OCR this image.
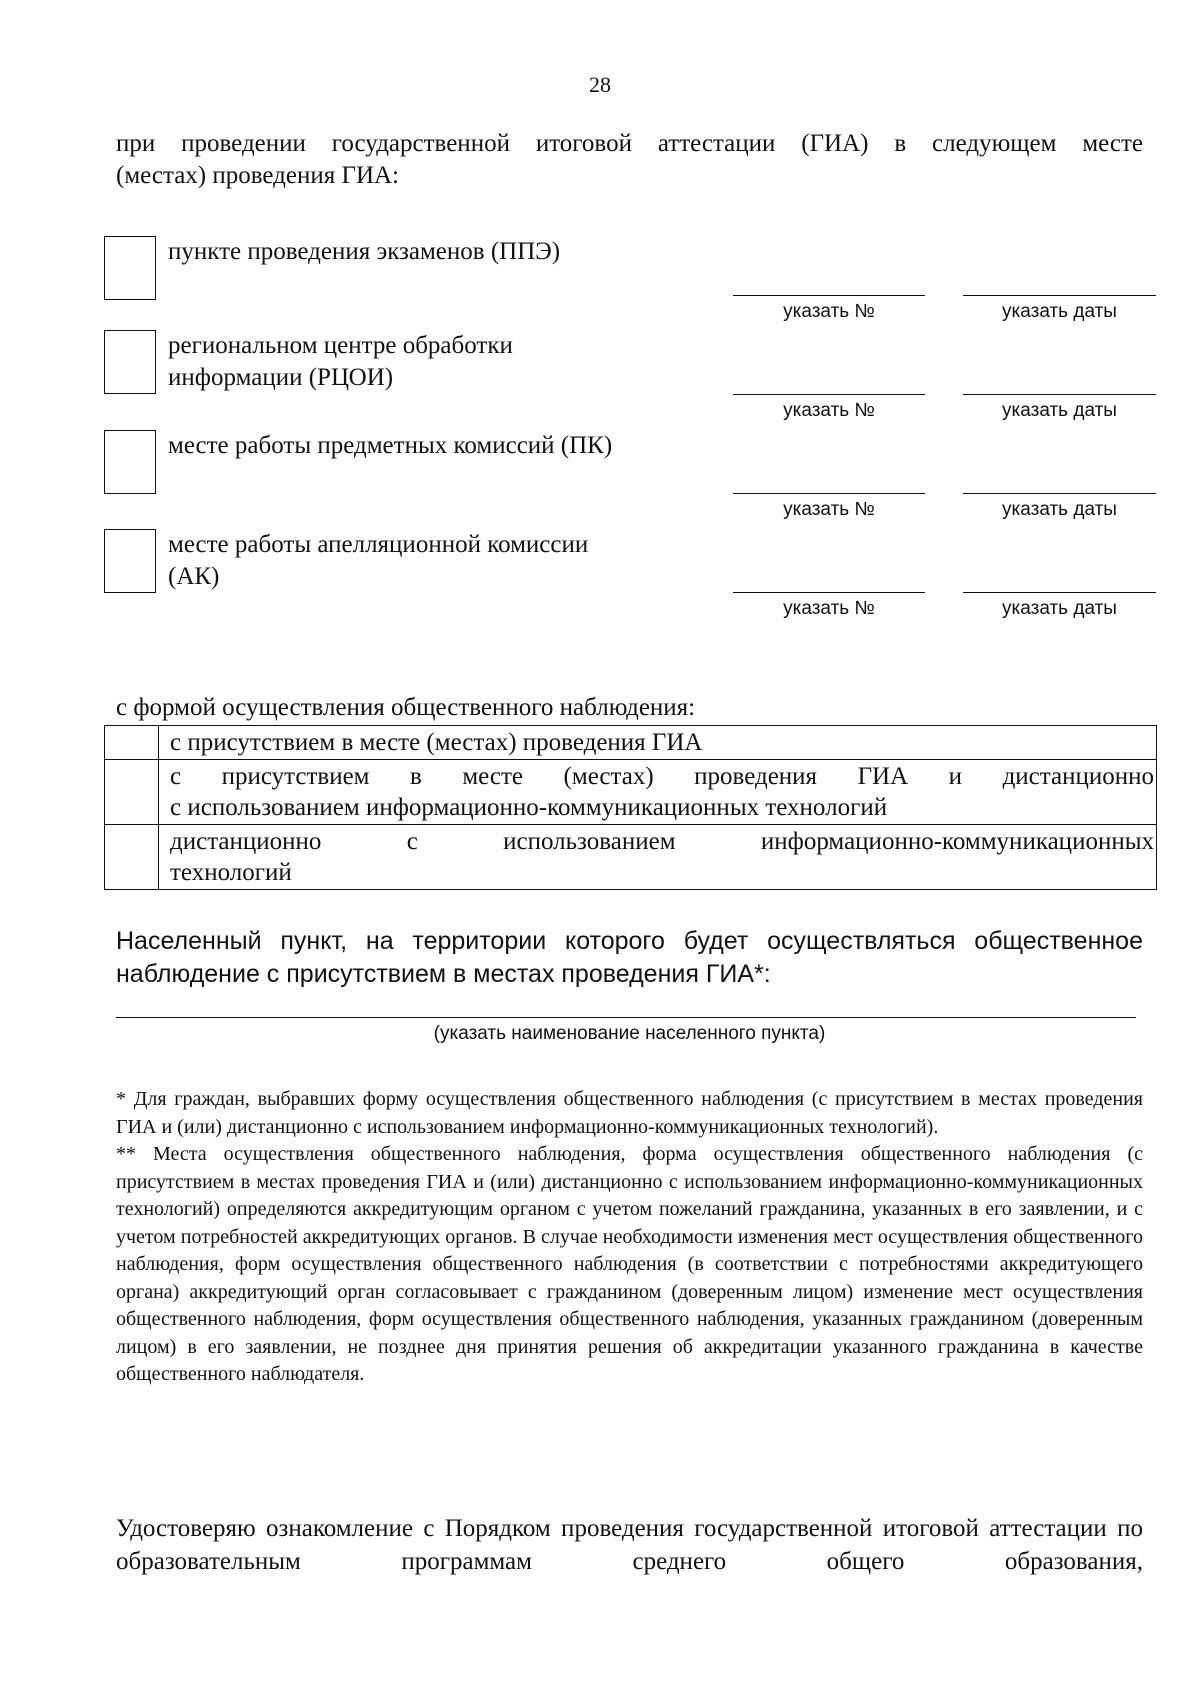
28
при проведении государственной итоговой аттестации (ГИА) в следующем месте
(местах) проведения ГИА:
пункте проведения экзаменов (ППЭ)
указать №	указать даты
региональном центре обработки информации (РЦОИ)
указать №	указать даты
месте работы предметных комиссий (ПК)
указать №	указать даты
месте работы апелляционной комиссии (АК)
указать №	указать даты
с формой осуществления общественного наблюдения:
	с присутствием в месте (местах) проведения ГИА

	с присутствием в месте (местах) проведения ГИА и дистанционно
с использованием информационно-коммуникационных технологий

	дистанционно с использованием информационно-коммуникационных
технологий
Населенный пункт, на территории которого будет осуществляться общественное наблюдение с присутствием в местах проведения ГИА*:
(указать наименование населенного пункта)

* Для граждан, выбравших форму осуществления общественного наблюдения (с присутствием в местах проведения ГИА и (или) дистанционно с использованием информационно-коммуникационных технологий).

** Места осуществления общественного наблюдения, форма осуществления общественного наблюдения (с присутствием в местах проведения ГИА и (или) дистанционно с использованием информационно-коммуникационных технологий) определяются аккредитующим органом с учетом пожеланий гражданина, указанных в его заявлении, и с учетом потребностей аккредитующих органов. В случае необходимости изменения мест осуществления общественного наблюдения, форм осуществления общественного наблюдения (в соответствии с потребностями аккредитующего органа) аккредитующий орган согласовывает с гражданином (доверенным лицом) изменение мест осуществления общественного наблюдения, форм осуществления общественного наблюдения, указанных гражданином (доверенным лицом) в его заявлении, не позднее дня принятия решения об аккредитации указанного гражданина в качестве общественного наблюдателя.

Удостоверяю ознакомление с Порядком проведения государственной итоговой аттестации по образовательным программам среднего общего образования,
